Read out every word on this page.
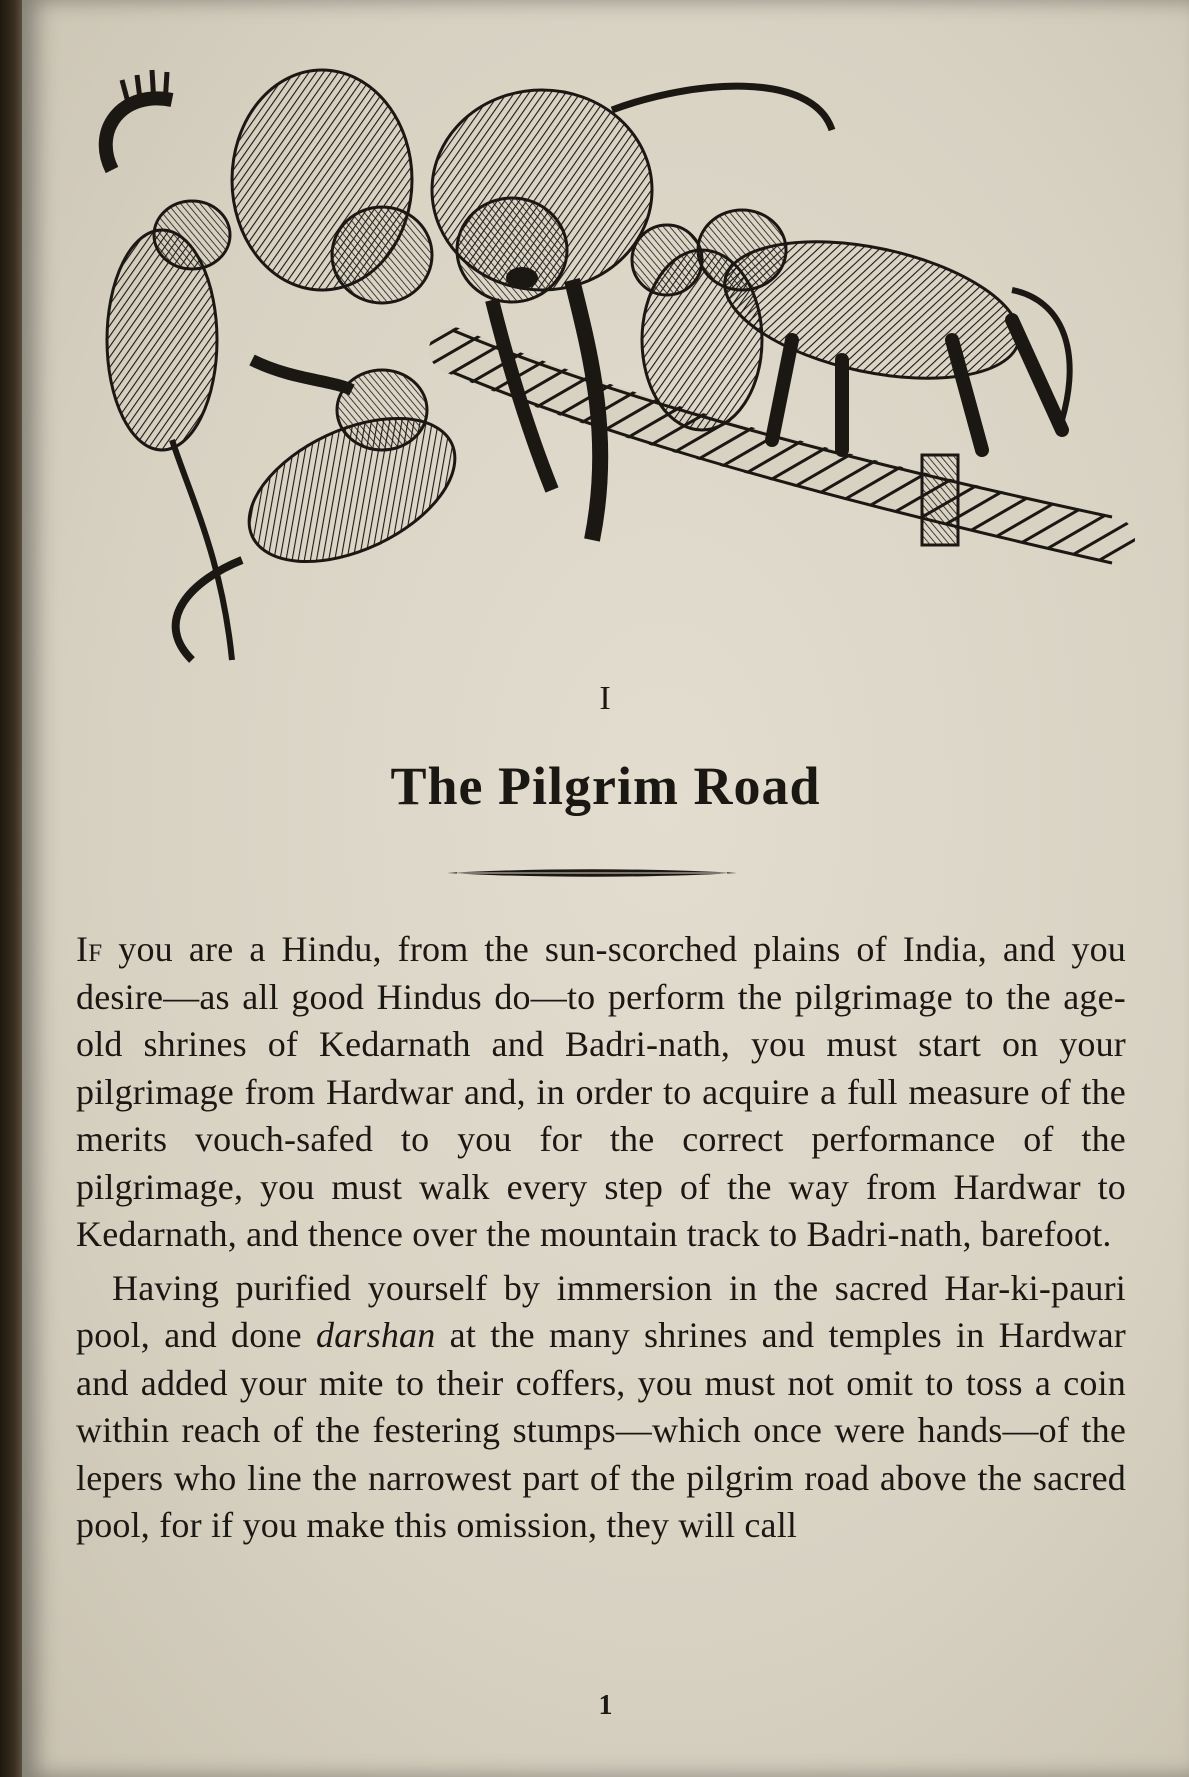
I
The Pilgrim Road

If you are a Hindu, from the sun-scorched plains of India, and you desire—as all good Hindus do—to perform the pilgrimage to the age-old shrines of Kedarnath and Badri-nath, you must start on your pilgrimage from Hardwar and, in order to acquire a full measure of the merits vouch-safed to you for the correct performance of the pilgrimage, you must walk every step of the way from Hardwar to Kedarnath, and thence over the mountain track to Badri-nath, barefoot.

Having purified yourself by immersion in the sacred Har-ki-pauri pool, and done darshan at the many shrines and temples in Hardwar and added your mite to their coffers, you must not omit to toss a coin within reach of the festering stumps—which once were hands—of the lepers who line the narrowest part of the pilgrim road above the sacred pool, for if you make this omission, they will call

1
